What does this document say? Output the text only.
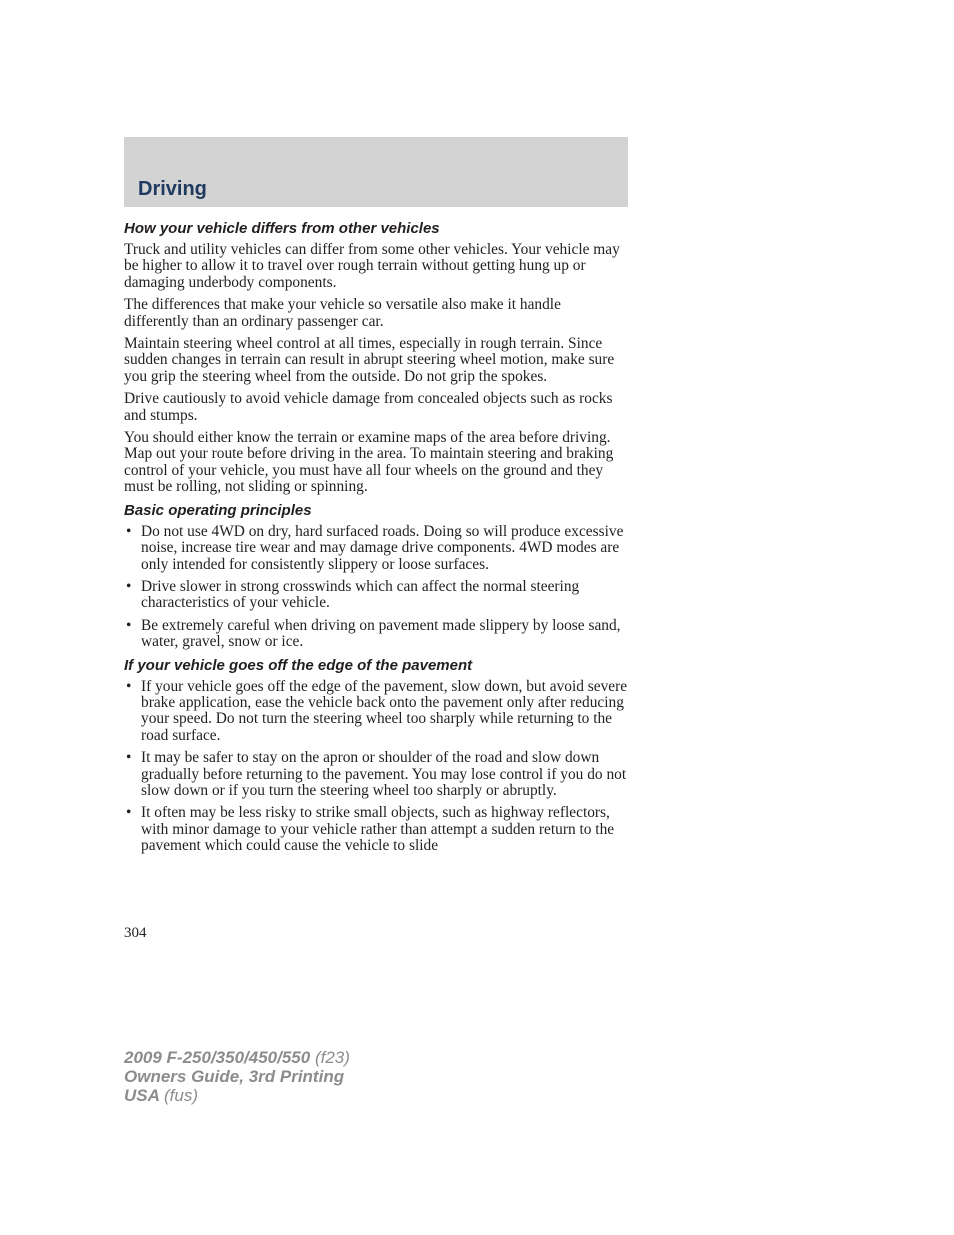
Driving
How your vehicle differs from other vehicles

Truck and utility vehicles can differ from some other vehicles. Your vehicle may be higher to allow it to travel over rough terrain without getting hung up or damaging underbody components.

The differences that make your vehicle so versatile also make it handle differently than an ordinary passenger car.

Maintain steering wheel control at all times, especially in rough terrain. Since sudden changes in terrain can result in abrupt steering wheel motion, make sure you grip the steering wheel from the outside. Do not grip the spokes.

Drive cautiously to avoid vehicle damage from concealed objects such as rocks and stumps.

You should either know the terrain or examine maps of the area before driving. Map out your route before driving in the area. To maintain steering and braking control of your vehicle, you must have all four wheels on the ground and they must be rolling, not sliding or spinning.

Basic operating principles
• Do not use 4WD on dry, hard surfaced roads. Doing so will produce excessive noise, increase tire wear and may damage drive components. 4WD modes are only intended for consistently slippery or loose surfaces.
• Drive slower in strong crosswinds which can affect the normal steering characteristics of your vehicle.
• Be extremely careful when driving on pavement made slippery by loose sand, water, gravel, snow or ice.
If your vehicle goes off the edge of the pavement
• If your vehicle goes off the edge of the pavement, slow down, but avoid severe brake application, ease the vehicle back onto the pavement only after reducing your speed. Do not turn the steering wheel too sharply while returning to the road surface.
• It may be safer to stay on the apron or shoulder of the road and slow down gradually before returning to the pavement. You may lose control if you do not slow down or if you turn the steering wheel too sharply or abruptly.
• It often may be less risky to strike small objects, such as highway reflectors, with minor damage to your vehicle rather than attempt a sudden return to the pavement which could cause the vehicle to slide
304
2009 F-250/350/450/550 (f23)
Owners Guide, 3rd Printing
USA (fus)
